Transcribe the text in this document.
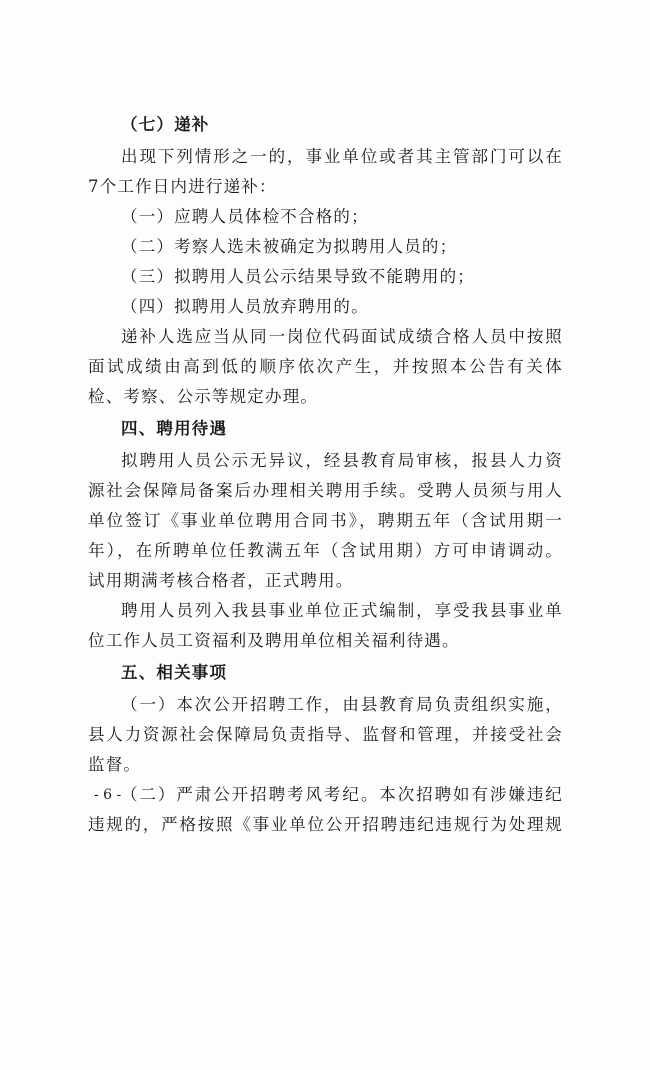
（七）递补
出现下列情形之一的，事业单位或者其主管部门可以在
7个工作日内进行递补：
（一）应聘人员体检不合格的；
（二）考察人选未被确定为拟聘用人员的；
（三）拟聘用人员公示结果导致不能聘用的；
（四）拟聘用人员放弃聘用的。
递补人选应当从同一岗位代码面试成绩合格人员中按照
面试成绩由高到低的顺序依次产生，并按照本公告有关体
检、考察、公示等规定办理。
四、聘用待遇
拟聘用人员公示无异议，经县教育局审核，报县人力资
源社会保障局备案后办理相关聘用手续。受聘人员须与用人
单位签订《事业单位聘用合同书》，聘期五年（含试用期一
年），在所聘单位任教满五年（含试用期）方可申请调动。
试用期满考核合格者，正式聘用。
聘用人员列入我县事业单位正式编制，享受我县事业单
位工作人员工资福利及聘用单位相关福利待遇。
五、相关事项
（一）本次公开招聘工作，由县教育局负责组织实施，
县人力资源社会保障局负责指导、监督和管理，并接受社会
监督。
（二）严肃公开招聘考风考纪。本次招聘如有涉嫌违纪
违规的，严格按照《事业单位公开招聘违纪违规行为处理规
- 6 -
